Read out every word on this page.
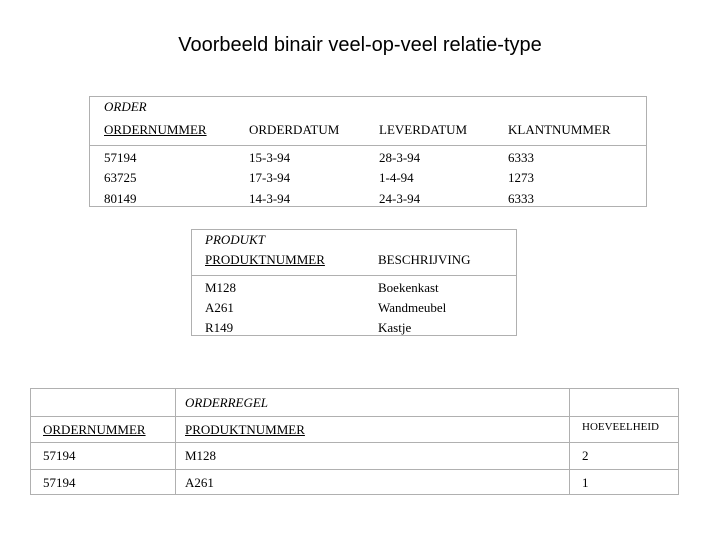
Voorbeeld binair veel-op-veel relatie-type
ORDER
ORDERNUMMER	ORDERDATUM	LEVERDATUM	KLANTNUMMER
57194	15-3-94	28-3-94	6333
63725	17-3-94	1-4-94	1273
80149	14-3-94	24-3-94	6333
PRODUKT
PRODUKTNUMMER	BESCHRIJVING
M128	Boekenkast
A261	Wandmeubel
R149	Kastje
ORDERREGEL
ORDERNUMMER	PRODUKTNUMMER	HOEVEELHEID
57194	M128	2
57194	A261	1
